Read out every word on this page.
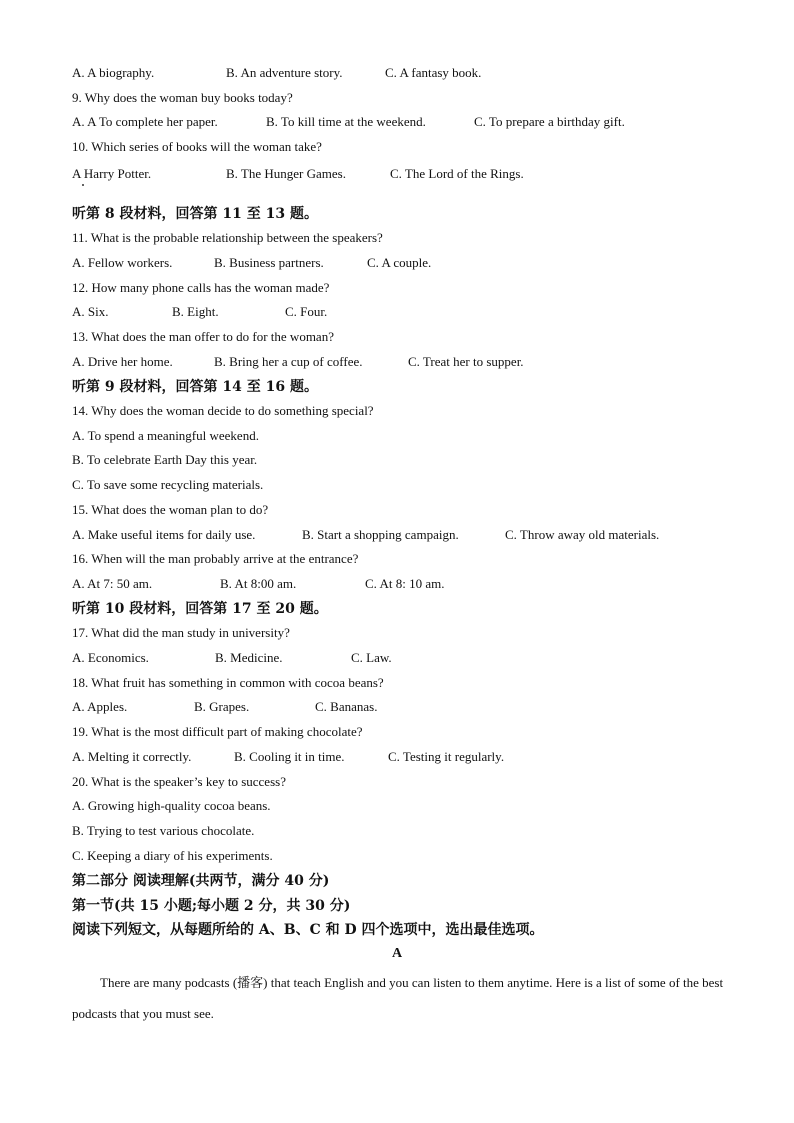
A
There are many podcasts (播客) that teach English and you can listen to them anytime. Here is a list of some of the best podcasts that you must see.
A. A biography.	B. An adventure story.	C. A fantasy book.
9. Why does the woman buy books today?
A. A To complete her paper.	B. To kill time at the weekend.	C. To prepare a birthday gift.
10. Which series of books will the woman take?
A Harry Potter.	B. The Hunger Games.	C. The Lord of the Rings.
听第 8 段材料，回答第 11 至 13 题。
11. What is the probable relationship between the speakers?
A. Fellow workers.	B. Business partners.	C. A couple.
12. How many phone calls has the woman made?
A. Six.	B. Eight.	C. Four.
13. What does the man offer to do for the woman?
A. Drive her home.	B. Bring her a cup of coffee.	C. Treat her to supper.
听第 9 段材料，回答第 14 至 16 题。
14. Why does the woman decide to do something special?
A. To spend a meaningful weekend.
B. To celebrate Earth Day this year.
C. To save some recycling materials.
15. What does the woman plan to do?
A. Make useful items for daily use.	B. Start a shopping campaign.	C. Throw away old materials.
16. When will the man probably arrive at the entrance?
A. At 7: 50 am.	B. At 8:00 am.	C. At 8: 10 am.
听第 10 段材料，回答第 17 至 20 题。
17. What did the man study in university?
A. Economics.	B. Medicine.	C. Law.
18. What fruit has something in common with cocoa beans?
A. Apples.	B. Grapes.	C. Bananas.
19. What is the most difficult part of making chocolate?
A. Melting it correctly.	B. Cooling it in time.	C. Testing it regularly.
20. What is the speaker’s key to success?
A. Growing high-quality cocoa beans.
B. Trying to test various chocolate.
C. Keeping a diary of his experiments.
第二部分 阅读理解(共两节，满分 40 分)
第一节(共 15 小题;每小题 2 分，共 30 分)
阅读下列短文，从每题所给的 A、B、C 和 D 四个选项中，选出最佳选项。
